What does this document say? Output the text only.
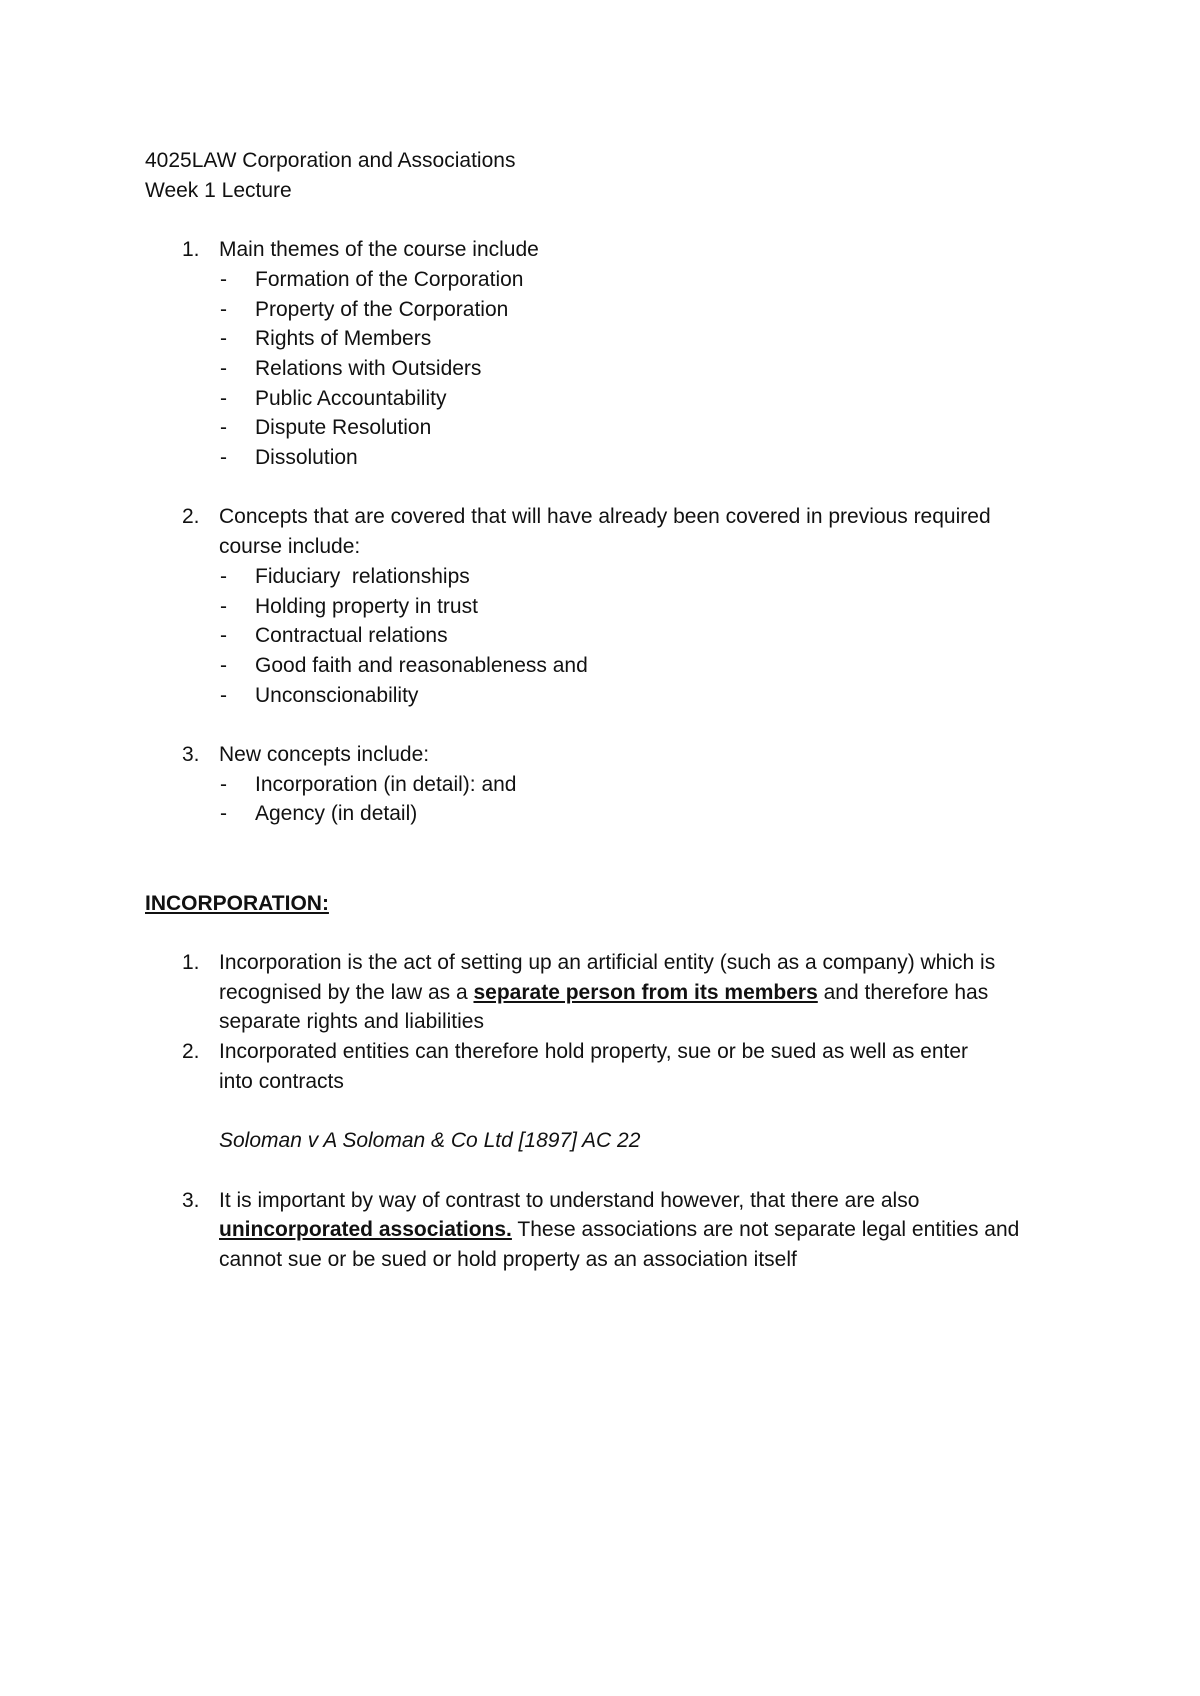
4025LAW Corporation and Associations

Week 1 Lecture

1. Main themes of the course include
- Formation of the Corporation
- Property of the Corporation
- Rights of Members
- Relations with Outsiders
- Public Accountability
- Dispute Resolution
- Dissolution
2. Concepts that are covered that will have already been covered in previous required
course include:
- Fiduciary  relationships
- Holding property in trust
- Contractual relations
- Good faith and reasonableness and
- Unconscionability
3. New concepts include:
- Incorporation (in detail): and
- Agency (in detail)

INCORPORATION:

1. Incorporation is the act of setting up an artificial entity (such as a company) which is
recognised by the law as a separate person from its members and therefore has
separate rights and liabilities
2. Incorporated entities can therefore hold property, sue or be sued as well as enter
into contracts
Soloman v A Soloman & Co Ltd [1897] AC 22
3. It is important by way of contrast to understand however, that there are also
unincorporated associations. These associations are not separate legal entities and
cannot sue or be sued or hold property as an association itself
